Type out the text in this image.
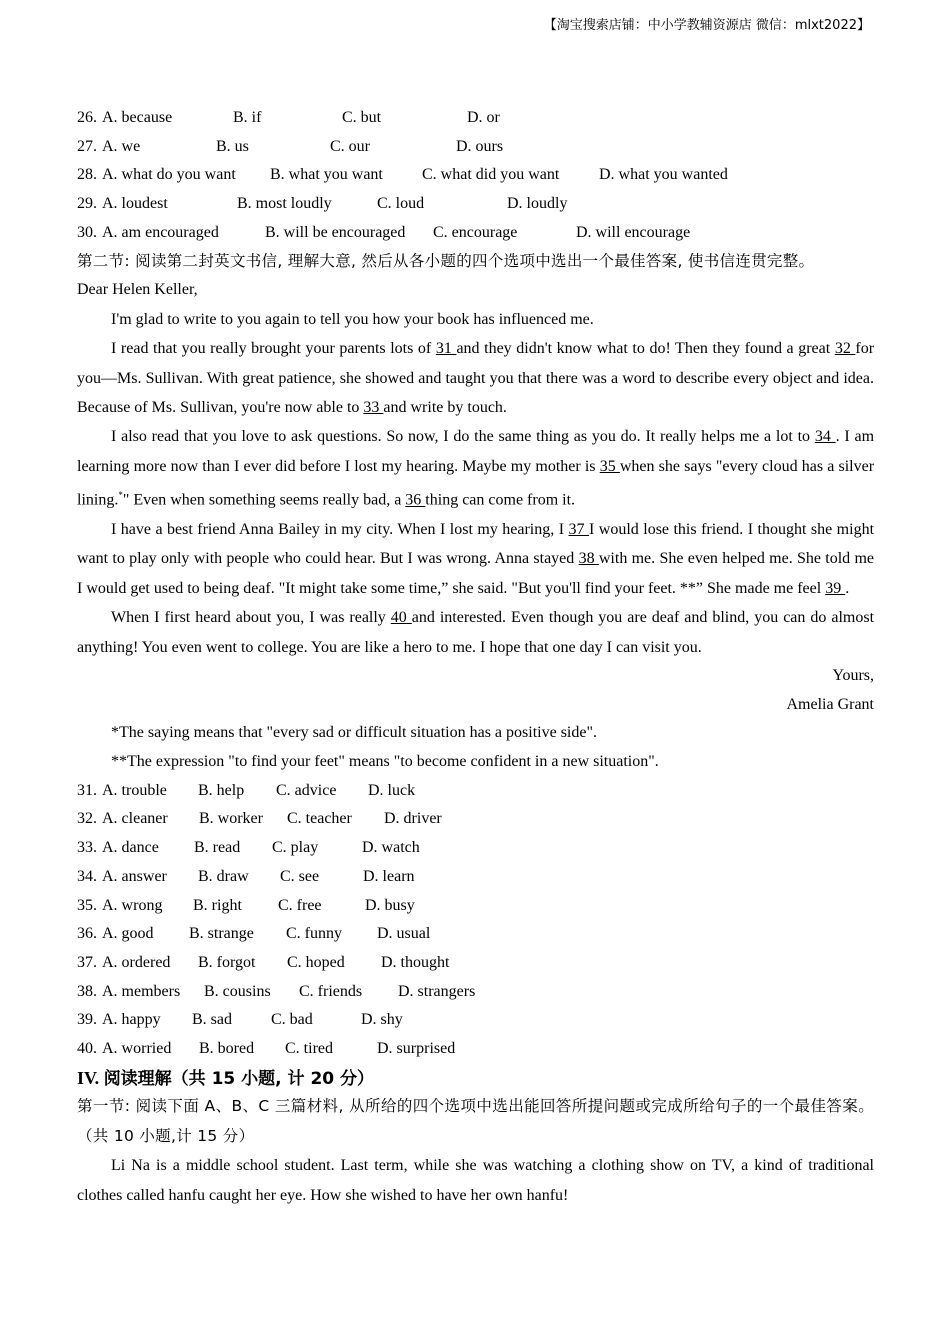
【淘宝搜索店铺：中小学教辅资源店 微信：mlxt2022】
26. A. because	B. if	C. but	D. or
27. A. we	B. us	C. our	D. ours
28. A. what do you want B. what you want C. what did you want D. what you wanted
29. A. loudest	B. most loudly	C. loud	D. loudly
30. A. am encouraged	B. will be encouraged C. encourage	D. will encourage
第二节: 阅读第二封英文书信, 理解大意, 然后从各小题的四个选项中选出一个最佳答案, 使书信连贯完整。
Dear Helen Keller,
I'm glad to write to you again to tell you how your book has influenced me.
I read that you really brought your parents lots of 31 and they didn't know what to do! Then they found a great 32 for you—Ms. Sullivan. With great patience, she showed and taught you that there was a word to describe every object and idea. Because of Ms. Sullivan, you're now able to 33 and write by touch.
I also read that you love to ask questions. So now, I do the same thing as you do. It really helps me a lot to 34 . I am learning more now than I ever did before I lost my hearing. Maybe my mother is 35 when she says "every cloud has a silver lining.*" Even when something seems really bad, a 36 thing can come from it.
I have a best friend Anna Bailey in my city. When I lost my hearing, I 37 I would lose this friend. I thought she might want to play only with people who could hear. But I was wrong. Anna stayed 38 with me. She even helped me. She told me I would get used to being deaf. "It might take some time,” she said. "But you'll find your feet. **” She made me feel 39 .
When I first heard about you, I was really 40 and interested. Even though you are deaf and blind, you can do almost anything! You even went to college. You are like a hero to me. I hope that one day I can visit you.
Yours,
Amelia Grant
*The saying means that "every sad or difficult situation has a positive side".
**The expression "to find your feet" means "to become confident in a new situation".
31. A. trouble B. help C. advice D. luck
32. A. cleaner B. worker C. teacher D. driver
33. A. dance B. read C. play	D. watch
34. A. answer B. draw C. see	D. learn
35. A. wrong B. right C. free	D. busy
36. A. good B. strange C. funny D. usual
37. A. ordered B. forgot C. hoped D. thought
38. A. members B. cousins C. friends D. strangers
39. A. happy B. sad C. bad	D. shy
40. A. worried B. bored C. tired	D. surprised
IV. 阅读理解（共 15 小题, 计 20 分）
第一节: 阅读下面 A、B、C 三篇材料, 从所给的四个选项中选出能回答所提问题或完成所给句子的一个最佳答案。（共 10 小题,计 15 分）
Li Na is a middle school student. Last term, while she was watching a clothing show on TV, a kind of traditional clothes called hanfu caught her eye. How she wished to have her own hanfu!
